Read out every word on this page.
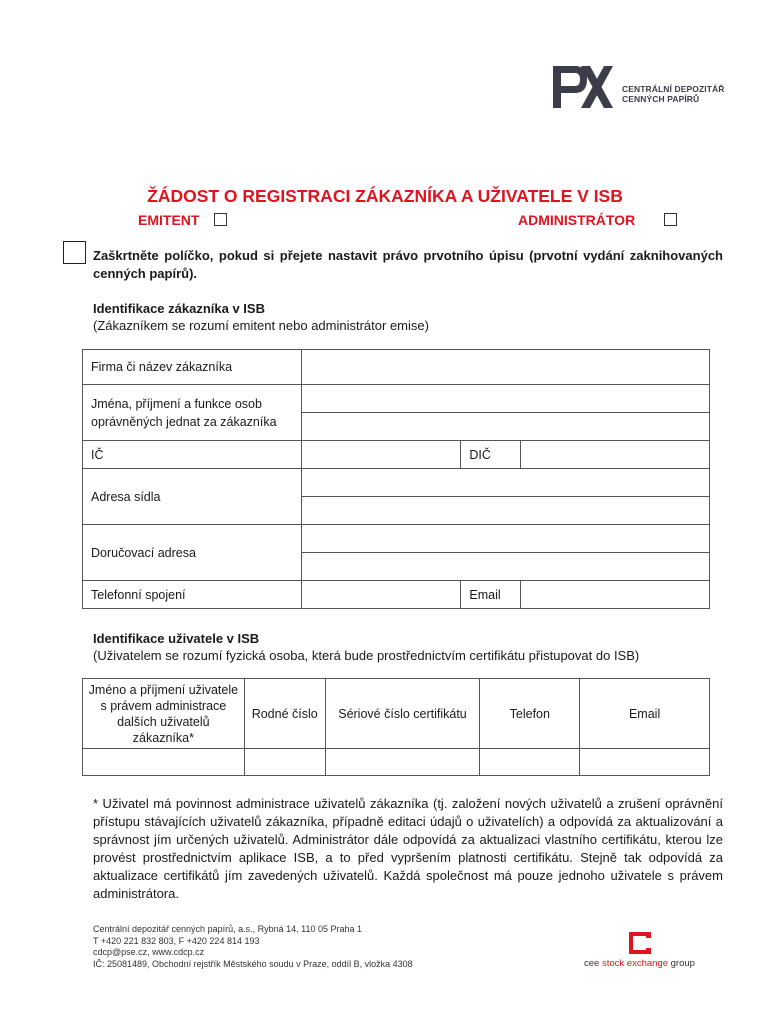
CENTRÁLNÍ DEPOZITÁŘ
CENNÝCH PAPÍRŮ
ŽÁDOST O REGISTRACI ZÁKAZNÍKA A UŽIVATELE V ISB
EMITENT	ADMINISTRÁTOR
Zaškrtněte políčko, pokud si přejete nastavit právo prvotního úpisu (prvotní vydání zaknihovaných cenných papírů).
Identifikace zákazníka v ISB
(Zákazníkem se rozumí emitent nebo administrátor emise)
Firma či název zákazníka			
Jména, příjmení a funkce osob oprávněných jednat za zákazníka			

IČ		DIČ	
Adresa sídla			

Doručovací adresa			

Telefonní spojení		Email	
Identifikace uživatele v ISB
(Uživatelem se rozumí fyzická osoba, která bude prostřednictvím certifikátu přistupovat do ISB)
Jméno a příjmení uživatele s právem administrace dalších uživatelů zákazníka*	Rodné číslo	Sériové číslo certifikátu	Telefon	Email

* Uživatel má povinnost administrace uživatelů zákazníka (tj. založení nových uživatelů a zrušení oprávnění přístupu stávajících uživatelů zákazníka, případně editaci údajů o uživatelích) a odpovídá za aktualizování a správnost jím určených uživatelů. Administrátor dále odpovídá za aktualizaci vlastního certifikátu, kterou lze provést prostřednictvím aplikace ISB, a to před vypršením platnosti certifikátu. Stejně tak odpovídá za aktualizace certifikátů jím zavedených uživatelů. Každá společnost má pouze jednoho uživatele s právem administrátora.
Centrální depozitář cenných papírů, a.s., Rybná 14, 110 05 Praha 1
T +420 221 832 803, F +420 224 814 193
cdcp@pse.cz, www.cdcp.cz
IČ: 25081489, Obchodní rejstřík Městského soudu v Praze, oddíl B, vložka 4308	cee stock exchange group
